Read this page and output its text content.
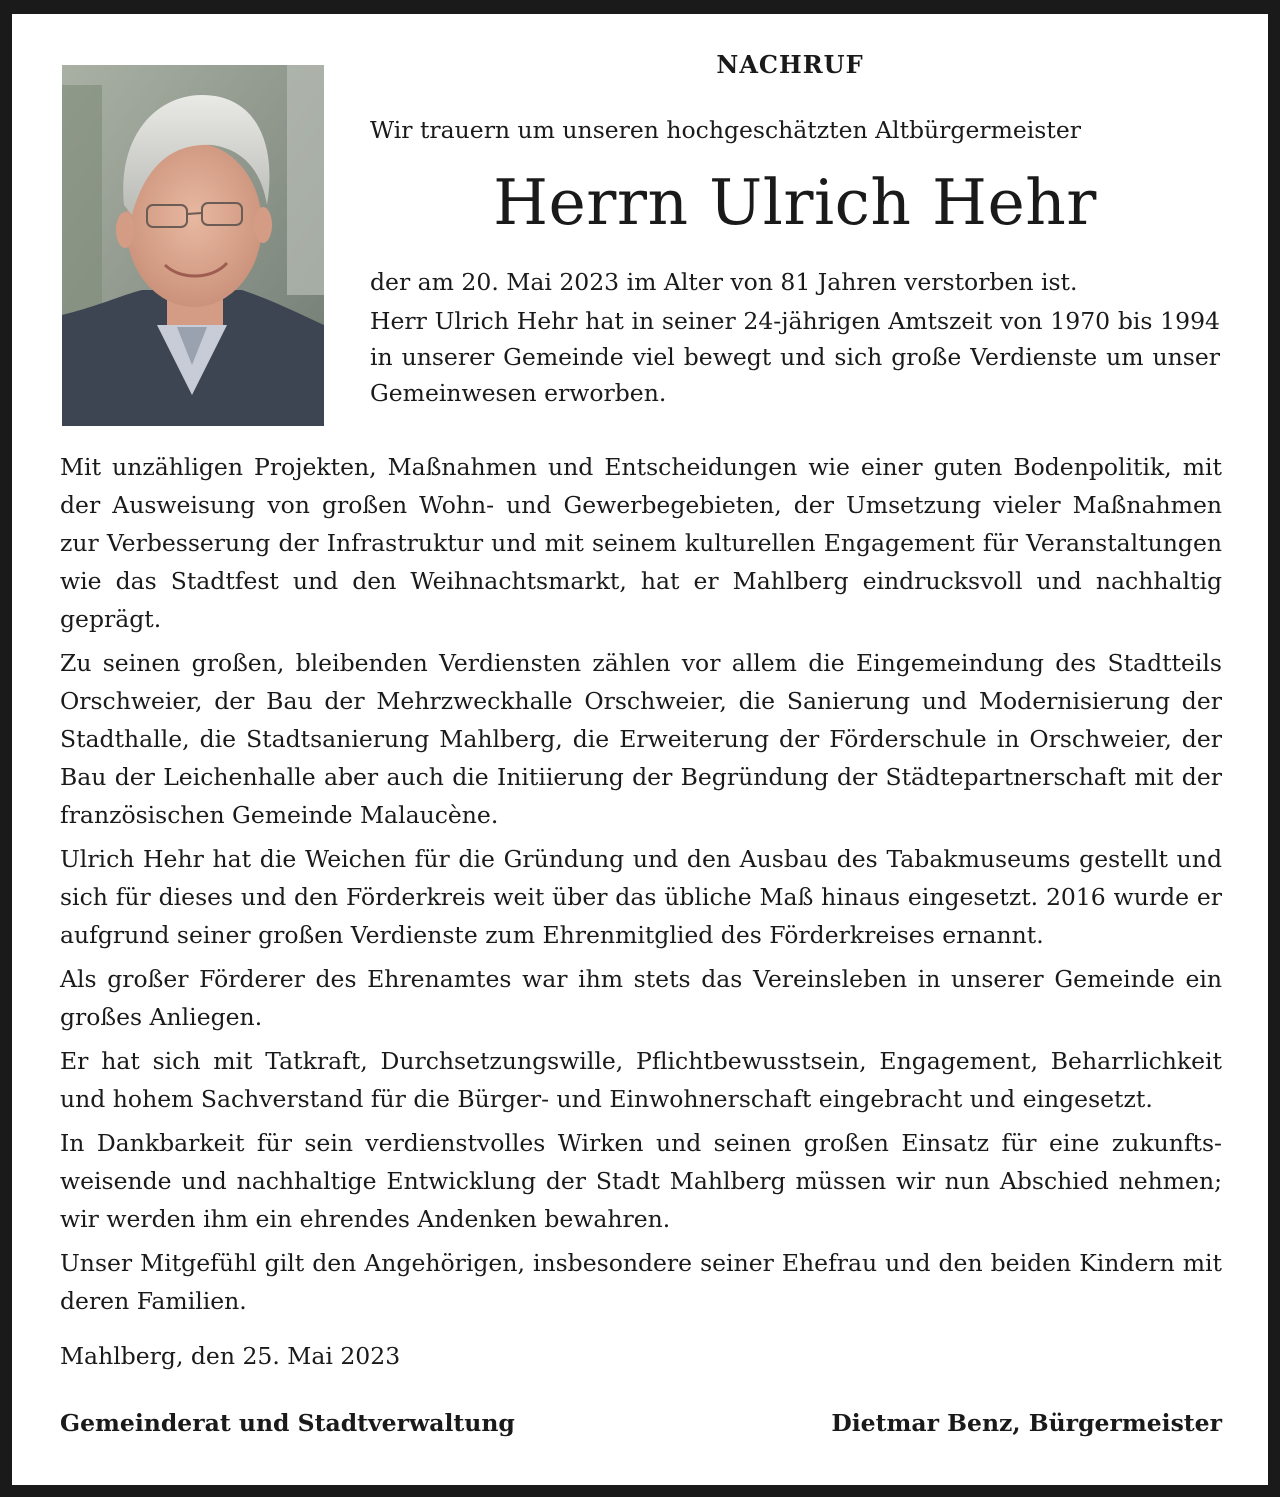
NACHRUF
Wir trauern um unseren hochgeschätzten Altbürgermeister
Herrn Ulrich Hehr
der am 20. Mai 2023 im Alter von 81 Jahren verstorben ist.
Herr Ulrich Hehr hat in seiner 24-jährigen Amtszeit von 1970 bis 1994 in unserer Gemeinde viel bewegt und sich große Verdienste um unser Gemeinwesen erworben.

Mit unzähligen Projekten, Maßnahmen und Entscheidungen wie einer guten Bodenpolitik, mit der Ausweisung von großen Wohn- und Gewerbegebieten, der Umsetzung vieler Maßnahmen zur Verbesserung der Infrastruktur und mit seinem kulturellen Engagement für Veranstaltungen wie das Stadtfest und den Weihnachtsmarkt, hat er Mahlberg eindrucksvoll und nachhaltig geprägt.

Zu seinen großen, bleibenden Verdiensten zählen vor allem die Eingemeindung des Stadtteils Orschweier, der Bau der Mehrzweckhalle Orschweier, die Sanierung und Modernisierung der Stadthalle, die Stadtsanierung Mahlberg, die Erweiterung der Förderschule in Orschweier, der Bau der Leichenhalle aber auch die Initiierung der Begründung der Städtepartnerschaft mit der französischen Gemeinde Malaucène.

Ulrich Hehr hat die Weichen für die Gründung und den Ausbau des Tabakmuseums gestellt und sich für dieses und den Förderkreis weit über das übliche Maß hinaus eingesetzt. 2016 wurde er aufgrund seiner großen Verdienste zum Ehrenmitglied des Förderkreises ernannt.

Als großer Förderer des Ehrenamtes war ihm stets das Vereinsleben in unserer Gemeinde ein großes Anliegen.

Er hat sich mit Tatkraft, Durchsetzungswille, Pflichtbewusstsein, Engagement, Beharrlichkeit und hohem Sachverstand für die Bürger- und Einwohnerschaft eingebracht und eingesetzt.

In Dankbarkeit für sein verdienstvolles Wirken und seinen großen Einsatz für eine zukunfts-weisende und nachhaltige Entwicklung der Stadt Mahlberg müssen wir nun Abschied nehmen; wir werden ihm ein ehrendes Andenken bewahren.

Unser Mitgefühl gilt den Angehörigen, insbesondere seiner Ehefrau und den beiden Kindern mit deren Familien.

Mahlberg, den 25. Mai 2023
Gemeinderat und Stadtverwaltung	Dietmar Benz, Bürgermeister
